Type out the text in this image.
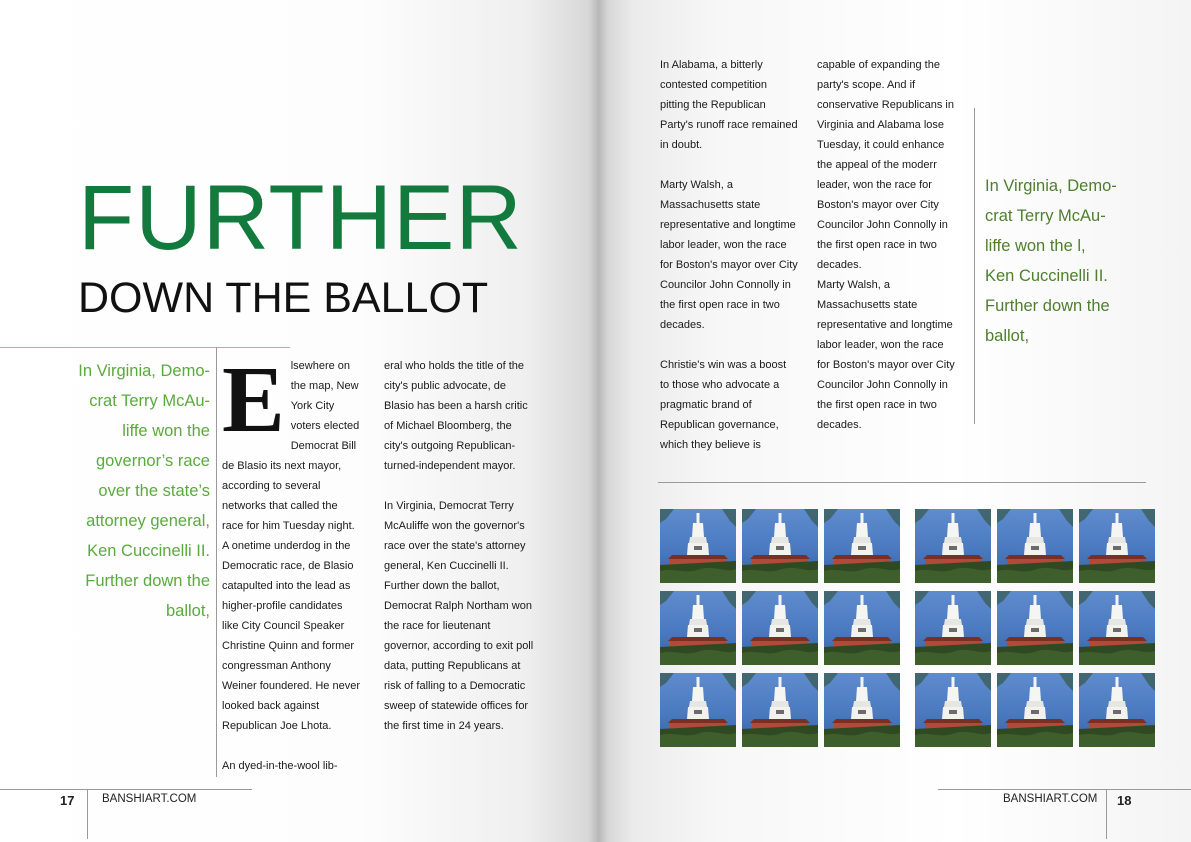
FURTHER
DOWN THE BALLOT
In Virginia, Demo-
crat Terry McAu-
liffe won the
governor’s race
over the state’s
attorney general,
Ken Cuccinelli II.
Further down the
ballot,
E lsewhere on the map, New York City voters elected Democrat Bill de Blasio its next mayor, according to several networks that called the race for him Tuesday night. A onetime underdog in the Democratic race, de Blasio catapulted into the lead as higher-profile candidates like City Council Speaker Christine Quinn and former congressman Anthony Weiner foundered. He never looked back against Republican Joe Lhota.

An dyed-in-the-wool lib-

eral who holds the title of the city's public advocate, de Blasio has been a harsh critic of Michael Bloomberg, the city's outgoing Republican-turned-independent mayor.

In Virginia, Democrat Terry McAuliffe won the governor's race over the state's attorney general, Ken Cuccinelli II. Further down the ballot, Democrat Ralph Northam won the race for lieutenant governor, according to exit poll data, putting Republicans at risk of falling to a Democratic sweep of statewide offices for the first time in 24 years.

In Alabama, a bitterly contested competition pitting the Republican Party's runoff race remained in doubt.

Marty Walsh, a Massachusetts state representative and longtime labor leader, won the race for Boston's mayor over City Councilor John Connolly in the first open race in two decades.

Christie's win was a boost to those who advocate a pragmatic brand of Republican governance, which they believe is

capable of expanding the party's scope. And if conservative Republicans in Virginia and Alabama lose Tuesday, it could enhance the appeal of the moderr leader, won the race for Boston's mayor over City Councilor John Connolly in the first open race in two decades.

Marty Walsh, a Massachusetts state representative and longtime labor leader, won the race for Boston's mayor over City Councilor John Connolly in the first open race in two decades.

In Virginia, Demo-
crat Terry McAu-
liffe won the l,
Ken Cuccinelli II.
Further down the
ballot,
17 BANSHIART.COM	BANSHIART.COM 18
